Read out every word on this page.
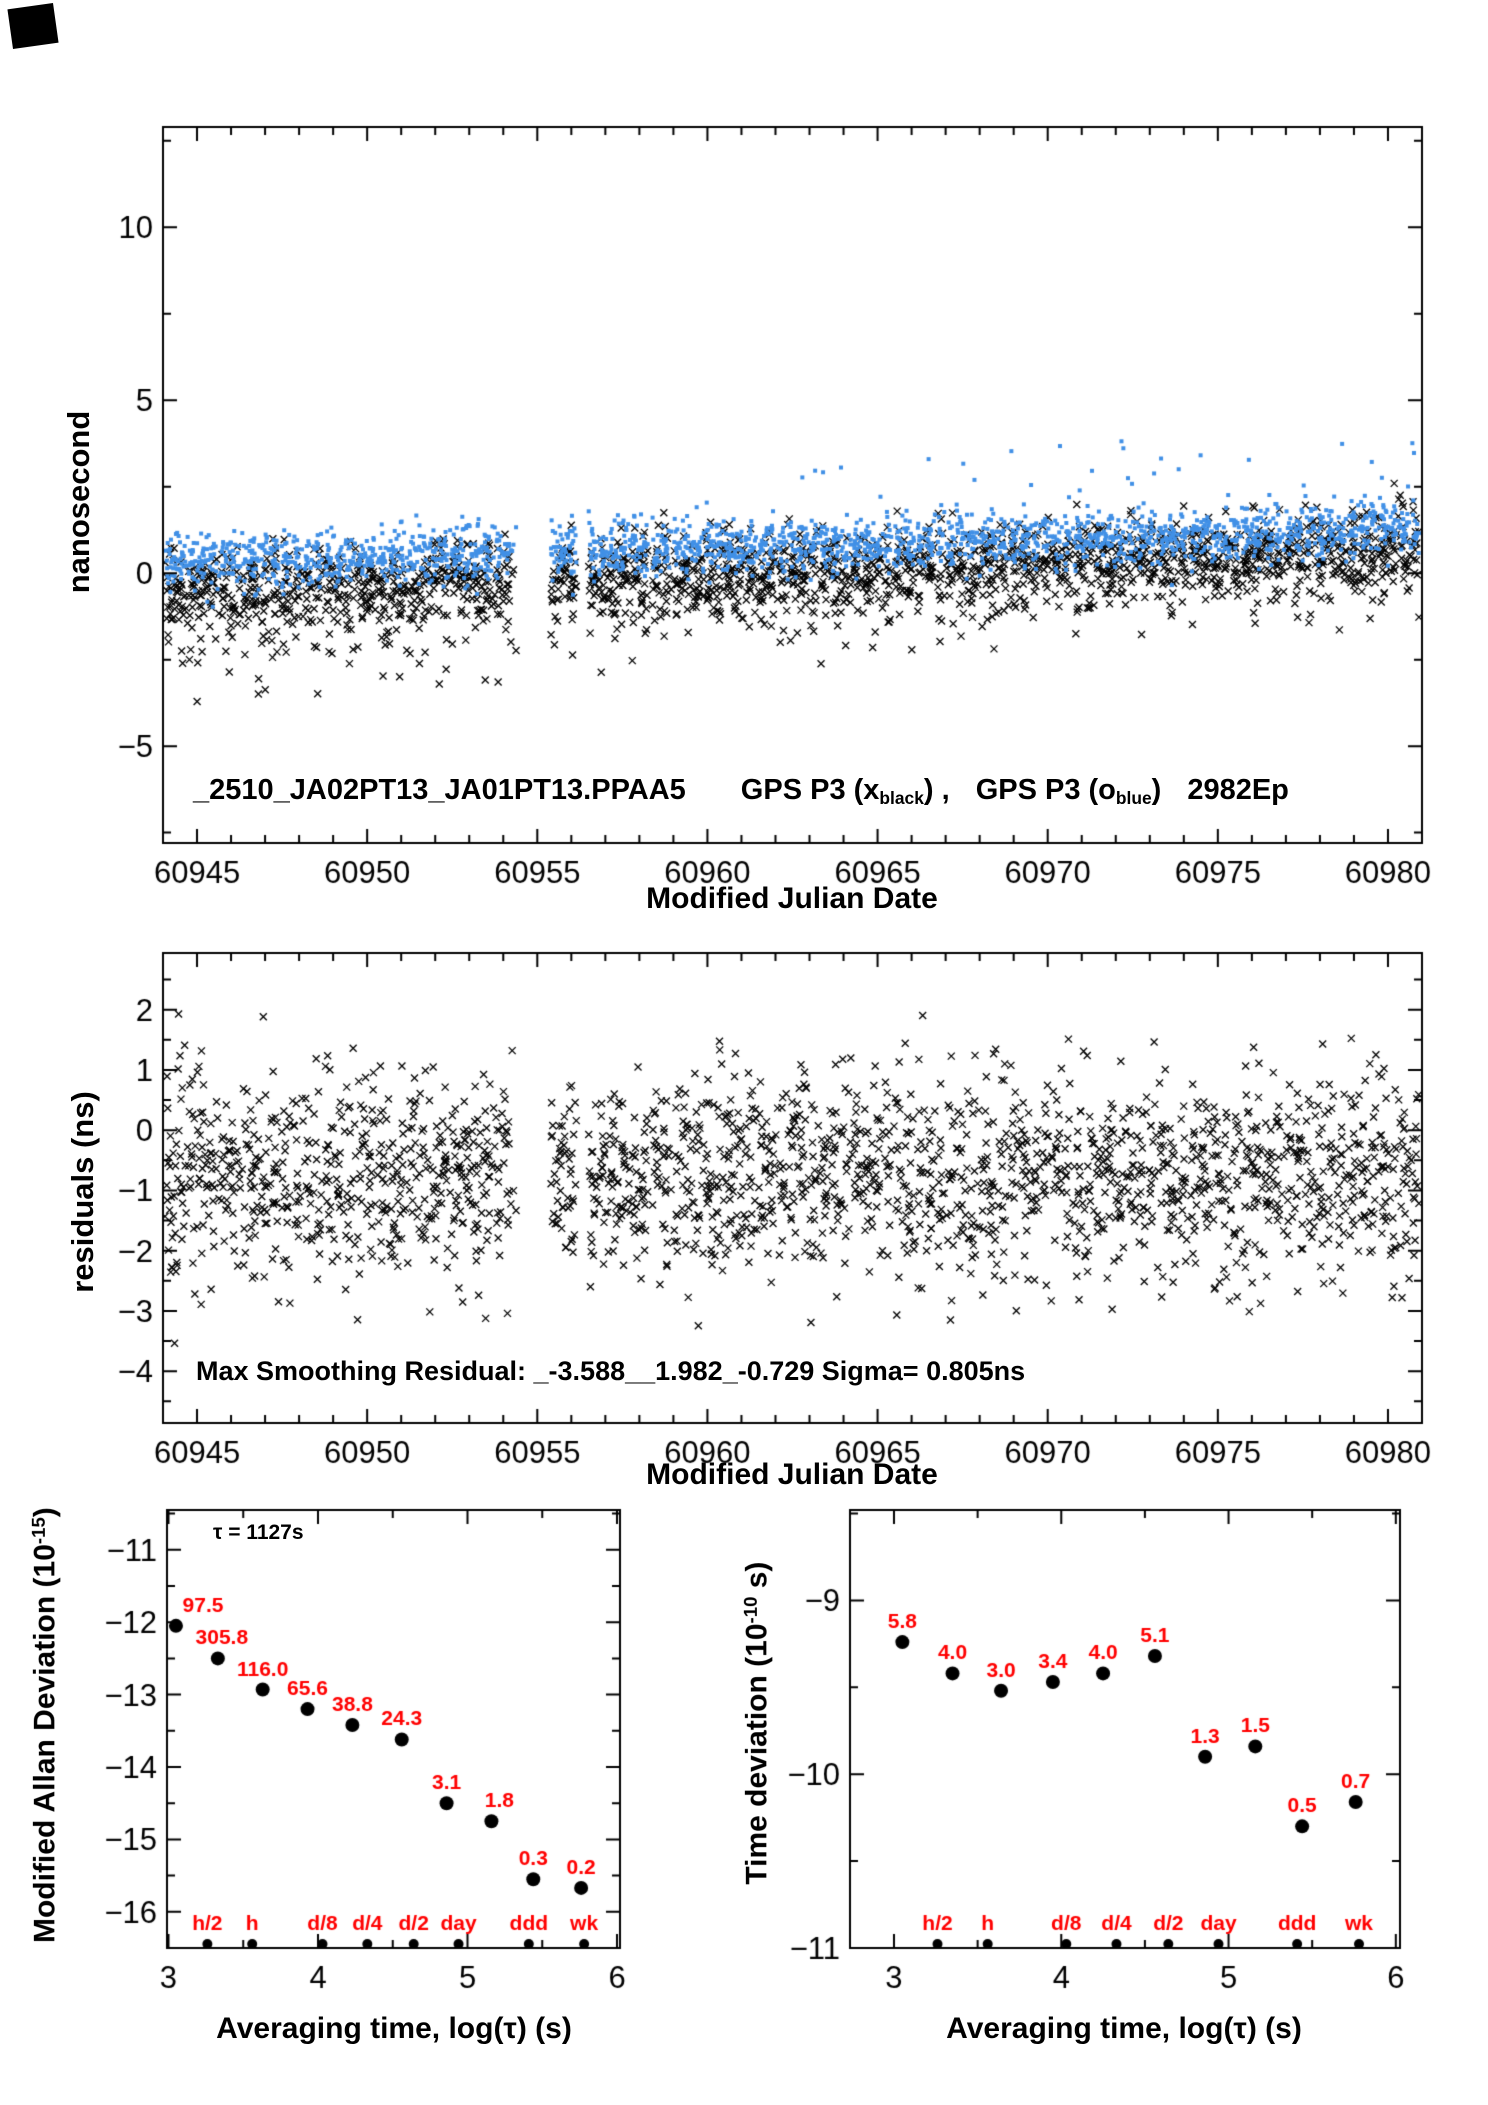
nanosecond
Modified Julian Date
_2510_JA02PT13_JA01PT13.PPAA5 GPS P3 $(x_{black})$ , GPS P3 $(o_{blue})$ 2982Ep
residuals (ns)
Modified Julian Date
Max Smoothing Residual: _-3.588__1.982_-0.729 Sigma= 0.805ns
Modified Allan Deviation $(10^{-15})$
Averaging time, log(τ) (s)
τ = 1127s
Time deviation ($10^{-10}$ s)
Averaging time, log(τ) (s)
